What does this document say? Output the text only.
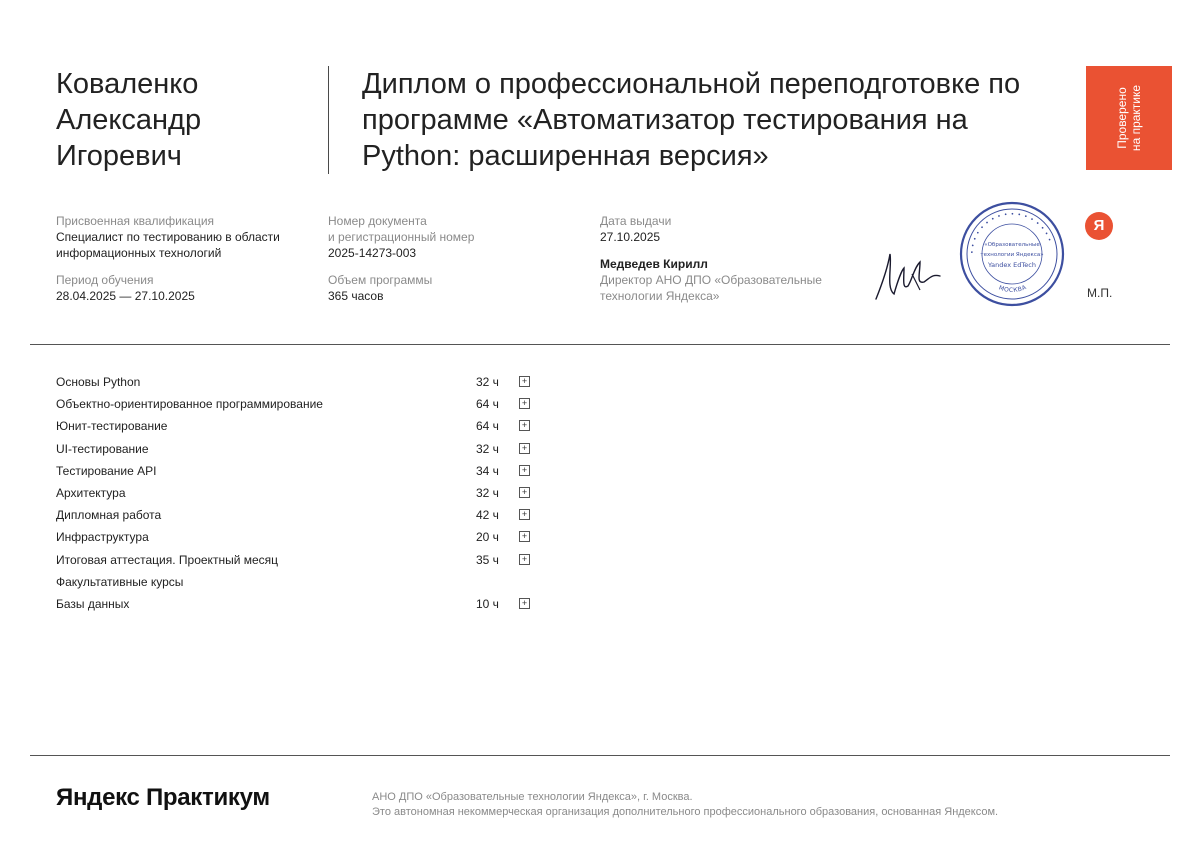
Коваленко
Александр
Игоревич
Диплом о профессиональной переподготовке по программе «Автоматизатор тестирования на Python: расширенная версия»
Проверено
на практике
Присвоенная квалификация
Специалист по тестированию в области
информационных технологий
Период обучения
28.04.2025 — 27.10.2025
Номер документа
и регистрационный номер
2025-14273-003
Объем программы
365 часов
Дата выдачи
27.10.2025
Медведев Кирилл
Директор АНО ДПО «Образовательные
технологии Яндекса»
• • • • • • • • • • • • • • • • •
МОСКВА
«Образовательные
технологии Яндекса»
Yandex EdTech
Я
М.П.
Основы Python	32 ч	+
Объектно-ориентированное программирование	64 ч	+
Юнит-тестирование	64 ч	+
UI-тестирование	32 ч	+
Тестирование API	34 ч	+
Архитектура	32 ч	+
Дипломная работа	42 ч	+
Инфраструктура	20 ч	+
Итоговая аттестация. Проектный месяц	35 ч	+
Факультативные курсы
Базы данных	10 ч	+
Яндекс Практикум	АНО ДПО «Образовательные технологии Яндекса», г. Москва.
Это автономная некоммерческая организация дополнительного профессионального образования, основанная Яндексом.
